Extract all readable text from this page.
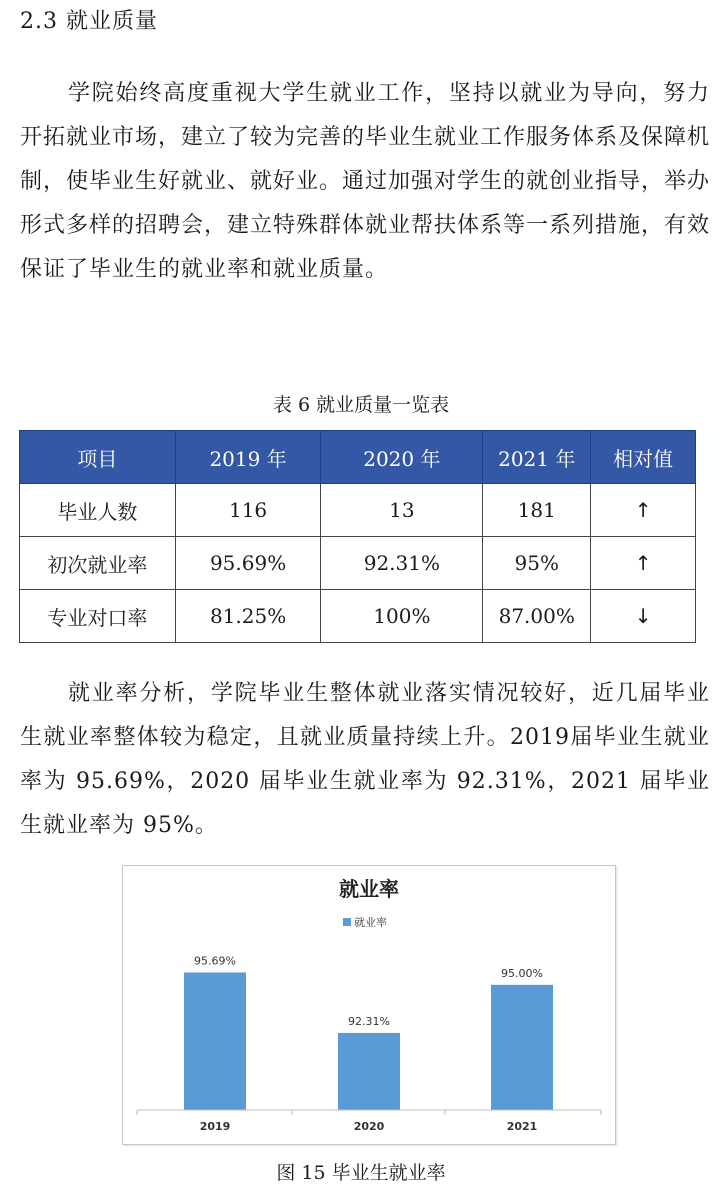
2.3 就业质量

学院始终高度重视大学生就业工作，坚持以就业为导向，努力开拓就业市场，建立了较为完善的毕业生就业工作服务体系及保障机制，使毕业生好就业、就好业。通过加强对学生的就创业指导，举办形式多样的招聘会，建立特殊群体就业帮扶体系等一系列措施，有效保证了毕业生的就业率和就业质量。

表 6 就业质量一览表
项目	2019 年	2020 年	2021 年	相对值
毕业人数	116	13	181	↑
初次就业率	95.69%	92.31%	95%	↑
专业对口率	81.25%	100%	87.00%	↓

就业率分析，学院毕业生整体就业落实情况较好，近几届毕业生就业率整体较为稳定，且就业质量持续上升。2019届毕业生就业率为 95.69%，2020 届毕业生就业率为 92.31%，2021 届毕业生就业率为 95%。

就业率
就业率
95.69%
2019
92.31%
2020
95.00%
2021
图 15 毕业生就业率
